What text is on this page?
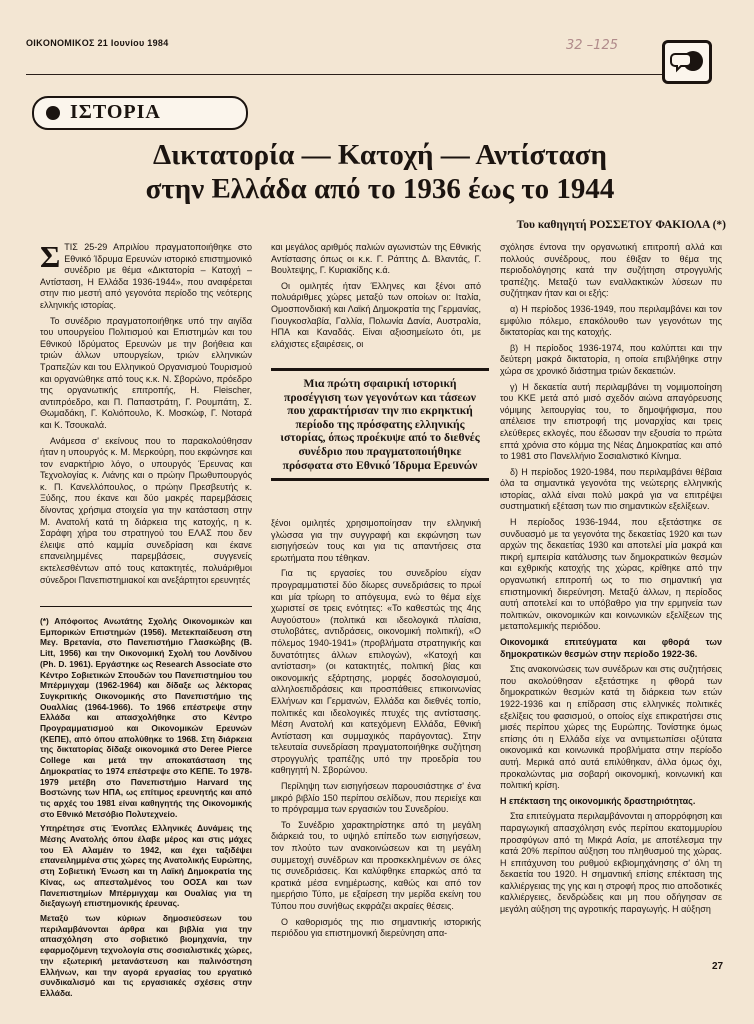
OIKONOMIKOΣ 21 Ιουνίου 1984	32 –125
ΙΣΤΟΡΙΑ
Δικτατορία — Κατοχή — Αντίσταση
στην Ελλάδα από το 1936 έως το 1944
Του καθηγητή ΡΟΣΣΕΤΟΥ ΦΑΚΙΟΛΑ (*)

ΣΤΙΣ 25-29 Απριλίου πραγματοποιήθηκε στο Εθνικό Ίδρυμα Ερευνών ιστορικό επιστημονικό συνέδριο με θέμα «Δικτατορία – Κατοχή – Αντίσταση, Η Ελλάδα 1936-1944», που αναφέρεται στην πιο μεστή από γεγονότα περίοδο της νεότερης ελληνικής ιστορίας.

Το συνέδριο πραγματοποιήθηκε υπό την αιγίδα του υπουργείου Πολιτισμού και Επιστημών και του Εθνικού Ιδρύματος Ερευνών με την βοήθεια και τριών άλλων υπουργείων, τριών ελληνικών Τραπεζών και του Ελληνικού Οργανισμού Τουρισμού και οργανώθηκε από τους κ.κ. Ν. Σβορώνο, πρόεδρο της οργανωτικής επιτροπής, H. Fleischer, αντιπρόεδρο, και Π. Παπαστράτη, Γ. Ρουμπάτη, Σ. Θωμαδάκη, Γ. Κολιόπουλο, Κ. Μοσκώφ, Γ. Νοταρά και Κ. Τσουκαλά.

Ανάμεσα σ' εκείνους που το παρακολούθησαν ήταν η υπουργός κ. Μ. Μερκούρη, που εκφώνησε και τον εναρκτήριο λόγο, ο υπουργός Έρευνας και Τεχνολογίας κ. Λιάνης και ο πρώην Πρωθυπουργός κ. Π. Κανελλόπουλος, ο πρώην Πρεσβευτής κ. Ξύδης, που έκανε και δύο μακρές παρεμβάσεις δίνοντας χρήσιμα στοιχεία για την κατάσταση στην Μ. Ανατολή κατά τη διάρκεια της κατοχής, η κ. Σαράφη χήρα του στρατηγού του ΕΛΑΣ που δεν έλειψε από καμμία συνεδρίαση και έκανε επανειλημμένες παρεμβάσεις, συγγενείς εκτελεσθέντων από τους κατακτητές, πολυάριθμοι σύνεδροι Πανεπιστημιακοί και ανεξάρτητοι ερευνητές

(*) Απόφοιτος Ανωτάτης Σχολής Οικονομικών και Εμπορικών Επιστημών (1956). Μετεκπαίδευση στη Μεγ. Βρετανία, στο Πανεπιστήμιο Γλασκώβης (B. Litt, 1956) και την Οικονομική Σχολή του Λονδίνου (Ph. D. 1961). Εργάστηκε ως Research Associate στο Κέντρο Σοβιετικών Σπουδών του Πανεπιστημίου του Μπέρμιγχαμ (1962-1964) και δίδαξε ως λέκτορας Συγκριτικής Οικονομικής στο Πανεπιστήμιο της Ουαλλίας (1964-1966). Το 1966 επέστρεψε στην Ελλάδα και απασχολήθηκε στο Κέντρο Προγραμματισμού και Οικονομικών Ερευνών (ΚΕΠΕ), από όπου απολύθηκε το 1968. Στη διάρκεια της δικτατορίας δίδαξε οικονομικά στο Deree Pierce College και μετά την αποκατάσταση της Δημοκρατίας το 1974 επέστρεψε στο ΚΕΠΕ. Το 1978-1979 μετέβη στο Πανεπιστήμιο Harvard της Βοστώνης των ΗΠΑ, ως επίτιμος ερευνητής και από τις αρχές του 1981 είναι καθηγητής της Οικονομικής στο Εθνικό Μετσόβιο Πολυτεχνείο.

Υπηρέτησε στις Ένοπλες Ελληνικές Δυνάμεις της Μέσης Ανατολής όπου έλαβε μέρος και στις μάχες του Ελ Αλαμέιν το 1942, και έχει ταξιδέψει επανειλημμένα στις χώρες της Ανατολικής Ευρώπης, στη Σοβιετική Ένωση και τη Λαϊκή Δημοκρατία της Κίνας, ως απεσταλμένος του ΟΟΣΑ και των Πανεπιστημίων Μπέρμιγχαμ και Ουαλίας για τη διεξαγωγή επιστημονικής έρευνας.

Μεταξύ των κύριων δημοσιεύσεων του περιλαμβάνονται άρθρα και βιβλία για την απασχόληση στο σοβιετικό βιομηχανία, την εφαρμοζόμενη τεχνολογία στις σοσιαλιστικές χώρες, την εξωτερική μετανάστευση και παλινόστηση Ελλήνων, και την αγορά εργασίας του εργατικό συνδικαλισμό και τις εργασιακές σχέσεις στην Ελλάδα.

και μεγάλος αριθμός παλιών αγωνιστών της Εθνικής Αντίστασης όπως οι κ.κ. Γ. Ράπτης Δ. Βλαντάς, Γ. Βουλτεψης, Γ. Κυριακίδης κ.ά.

Οι ομιλητές ήταν Έλληνες και ξένοι από πολυάριθμες χώρες μεταξύ των οποίων οι: Ιταλία, Ομοσπονδιακή και Λαϊκή Δημοκρατία της Γερμανίας, Γιουγκοσλαβία, Γαλλία, Πολωνία Δανία, Αυστραλία, ΗΠΑ και Καναδάς. Είναι αξιοσημείωτο ότι, με ελάχιστες εξαιρέσεις, οι

Μια πρώτη σφαιρική ιστορική προσέγγιση των γεγονότων και τάσεων που χαρακτήρισαν την πιο εκρηκτική περίοδο της πρόσφατης ελληνικής ιστορίας, όπως προέκυψε από το διεθνές συνέδριο που πραγματοποιήθηκε πρόσφατα στο Εθνικό Ίδρυμα Ερευνών

ξένοι ομιλητές χρησιμοποίησαν την ελληνική γλώσσα για την συγγραφή και εκφώνηση των εισηγήσεών τους και για τις απαντήσεις στα ερωτήματα που τέθηκαν.

Για τις εργασίες του συνεδρίου είχαν προγραμματιστεί δύο δίωρες συνεδριάσεις το πρωί και μία τρίωρη το απόγευμα, ενώ το θέμα είχε χωριστεί σε τρεις ενότητες: «Το καθεστώς της 4ης Αυγούστου» (πολιτικά και ιδεολογικά πλαίσια, στυλοβάτες, αντιδράσεις, οικονομική πολιτική), «Ο πόλεμος 1940-1941» (προβλήματα στρατηγικής και δυνατότητες άλλων επιλογών), «Κατοχή και αντίσταση» (οι κατακτητές, πολιτική βίας και οικονομικής εξάρτησης, μορφές δοσολογισμού, αλληλοεπιδράσεις και προσπάθειες επικοινωνίας Ελλήνων και Γερμανών, Ελλάδα και διεθνές τοπίο, πολιτικές και ιδεολογικές πτυχές της αντίστασης. Μέση Ανατολή και κατεχόμενη Ελλάδα, Εθνική Αντίσταση και συμμαχικός παράγοντας). Στην τελευταία συνεδρίαση πραγματοποιήθηκε συζήτηση στρογγυλής τραπέζης υπό την προεδρία του καθηγητή Ν. Σβορώνου.

Περίληψη των εισηγήσεων παρουσιάστηκε σ' ένα μικρό βιβλίο 150 περίπου σελίδων, που περιείχε και το πρόγραμμα των εργασιών του Συνεδρίου.

Το Συνέδριο χαρακτηρίστηκε από τη μεγάλη διάρκειά του, το υψηλό επίπεδο των εισηγήσεων, τον πλούτο των ανακοινώσεων και τη μεγάλη συμμετοχή συνέδρων και προσκεκλημένων σε όλες τις συνεδριάσεις. Και καλύφθηκε επαρκώς από τα κρατικά μέσα ενημέρωσης, καθώς και από τον ημερήσιο Τύπο, με εξαίρεση την μερίδα εκείνη του Τύπου που συνήθως εκφράζει ακραίες θέσεις.

Ο καθορισμός της πιο σημαντικής ιστορικής περιόδου για επιστημονική διερεύνηση απα-

σχόλησε έντονα την οργανωτική επιτροπή αλλά και πολλούς συνέδρους, που έθιξαν το θέμα της περιοδολόγησης κατά την συζήτηση στρογγυλής τραπέζης. Μεταξύ των εναλλακτικών λύσεων πυ συζήτηκαν ήταν και οι εξής:

α) Η περίοδος 1936-1949, που περιλαμβάνει και τον εμφύλιο πόλεμο, επακόλουθο των γεγονότων της δικτατορίας και της κατοχής.

β) Η περίοδος 1936-1974, που καλύπτει και την δεύτερη μακρά δικτατορία, η οποία επιβλήθηκε στην χώρα σε χρονικό διάστημα τριών δεκαετιών.

γ) Η δεκαετία αυτή περιλαμβάνει τη νομιμοποίηση του ΚΚΕ μετά από μισό σχεδόν αιώνα απαγόρευσης νόμιμης λειτουργίας του, το δημοψήφισμα, που απέλεισε την επιστροφή της μοναρχίας και τρεις ελεύθερες εκλογές, που έδωσαν την εξουσία το πρώτα επτά χρόνια στο κόμμα της Νέας Δημοκρατίας και από το 1981 στο Πανελλήνιο Σοσιαλιστικό Κίνημα.

δ) Η περίοδος 1920-1984, που περιλαμβάνει θέβαια όλα τα σημαντικά γεγονότα της νεώτερης ελληνικής ιστορίας, αλλά είναι πολύ μακρά για να επιτρέψει συστηματική εξέταση των πιο σημαντικών εξελίξεων.

Η περίοδος 1936-1944, που εξετάστηκε σε συνδυασμό με τα γεγονότα της δεκαετίας 1920 και των αρχών της δεκαετίας 1930 και αποτελεί μία μακρά και πικρή εμπειρία κατάλυσης των δημοκρατικών θεσμών και εχθρικής κατοχής της χώρας, κρίθηκε από την οργανωτική επιτροπή ως το πιο σημαντική για επιστημονική διερεύνηση. Μεταξύ άλλων, η περίοδος αυτή αποτελεί και το υπόβαθρο για την ερμηνεία των πολιτικών, οικονομικών και κοινωνικών εξελίξεων της μεταπολεμικής περιόδου.

Οικονομικά επιτεύγματα και φθορά των δημοκρατικών θεσμών στην περίοδο 1922-36.

Στις ανακοινώσεις των συνέδρων και στις συζητήσεις που ακολούθησαν εξετάστηκε η φθορά των δημοκρατικών θεσμών κατά τη διάρκεια των ετών 1922-1936 και η επίδραση στις ελληνικές πολιτικές εξελίξεις του φασισμού, ο οποίος είχε επικρατήσει στις μισές περίπου χώρες της Ευρώπης. Τονίστηκε όμως επίσης ότι η Ελλάδα είχε να αντιμετωπίσει οξύτατα οικονομικά και κοινωνικά προβλήματα στην περίοδο αυτή. Μερικά από αυτά επιλύθηκαν, άλλα όμως όχι, προκαλώντας μια σοβαρή οικονομική, κοινωνική και πολιτική κρίση.

Η επέκταση της οικονομικής δραστηριότητας.

Στα επιτεύγματα περιλαμβάνονται η απορρόφηση και παραγωγική απασχόληση ενός περίπου εκατομμυρίου προσφύγων από τη Μικρά Ασία, με αποτέλεσμα την κατά 20% περίπου αύξηση του πληθυσμού της χώρας. Η επιτάχυνση του ρυθμού εκβιομηχάνησης σ' όλη τη δεκαετία του 1920. Η σημαντική επίσης επέκταση της καλλιέργειας της γης και η στροφή προς πιο αποδοτικές καλλιέργειες, δενδρώδεις και μη που οδήγησαν σε μεγάλη αύξηση της αγροτικής παραγωγής. Η αύξηση

27
